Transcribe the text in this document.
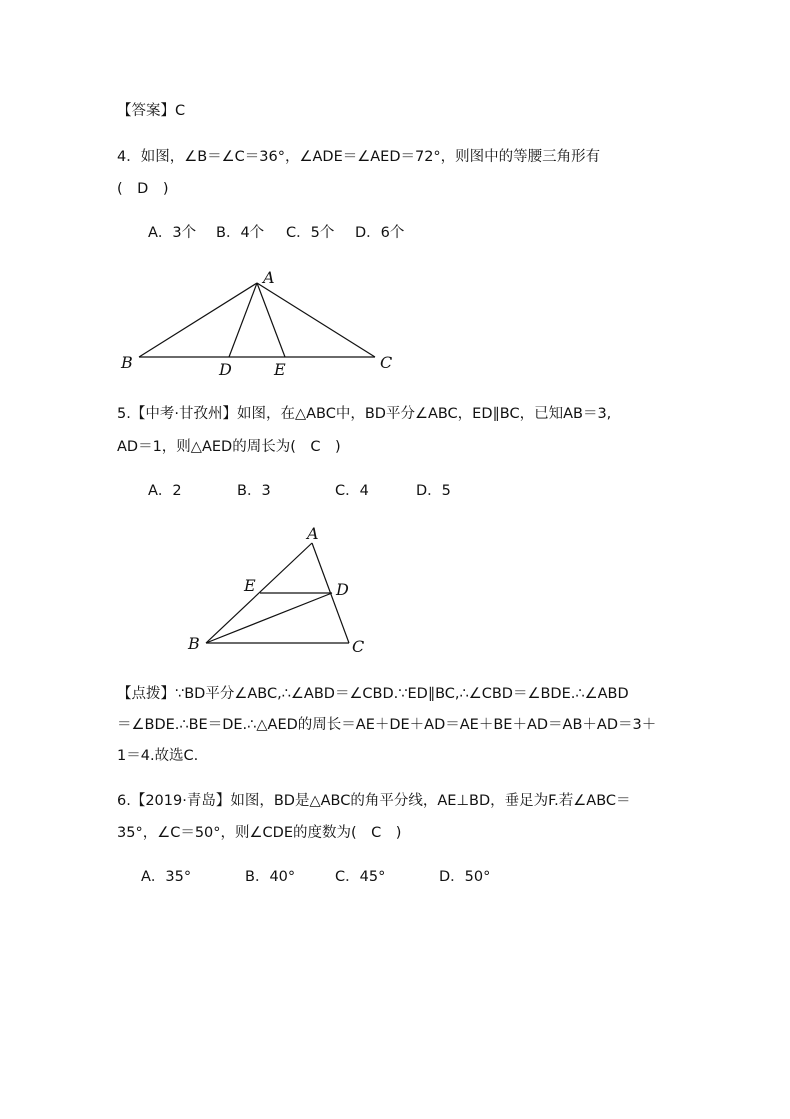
【答案】C
4．如图，∠B＝∠C＝36°，∠ADE＝∠AED＝72°，则图中的等腰三角形有
(　D　)
A．3个 B．4个 C．5个 D．6个
A
B	C
D	E
5.【中考·甘孜州】如图，在△ABC中，BD平分∠ABC，ED∥BC，已知AB＝3,
AD＝1，则△AED的周长为(　C　)
A．2	B．3	C．4	D．5
A
E	D
B	C
【点拨】∵BD平分∠ABC,∴∠ABD＝∠CBD.∵ED∥BC,∴∠CBD＝∠BDE.∴∠ABD
＝∠BDE.∴BE＝DE.∴△AED的周长＝AE＋DE＋AD＝AE＋BE＋AD＝AB＋AD＝3＋
1＝4.故选C.
6.【2019·青岛】如图，BD是△ABC的角平分线，AE⊥BD，垂足为F.若∠ABC＝
35°，∠C＝50°，则∠CDE的度数为(　C　)
A．35°	B．40°	C．45°	D．50°
